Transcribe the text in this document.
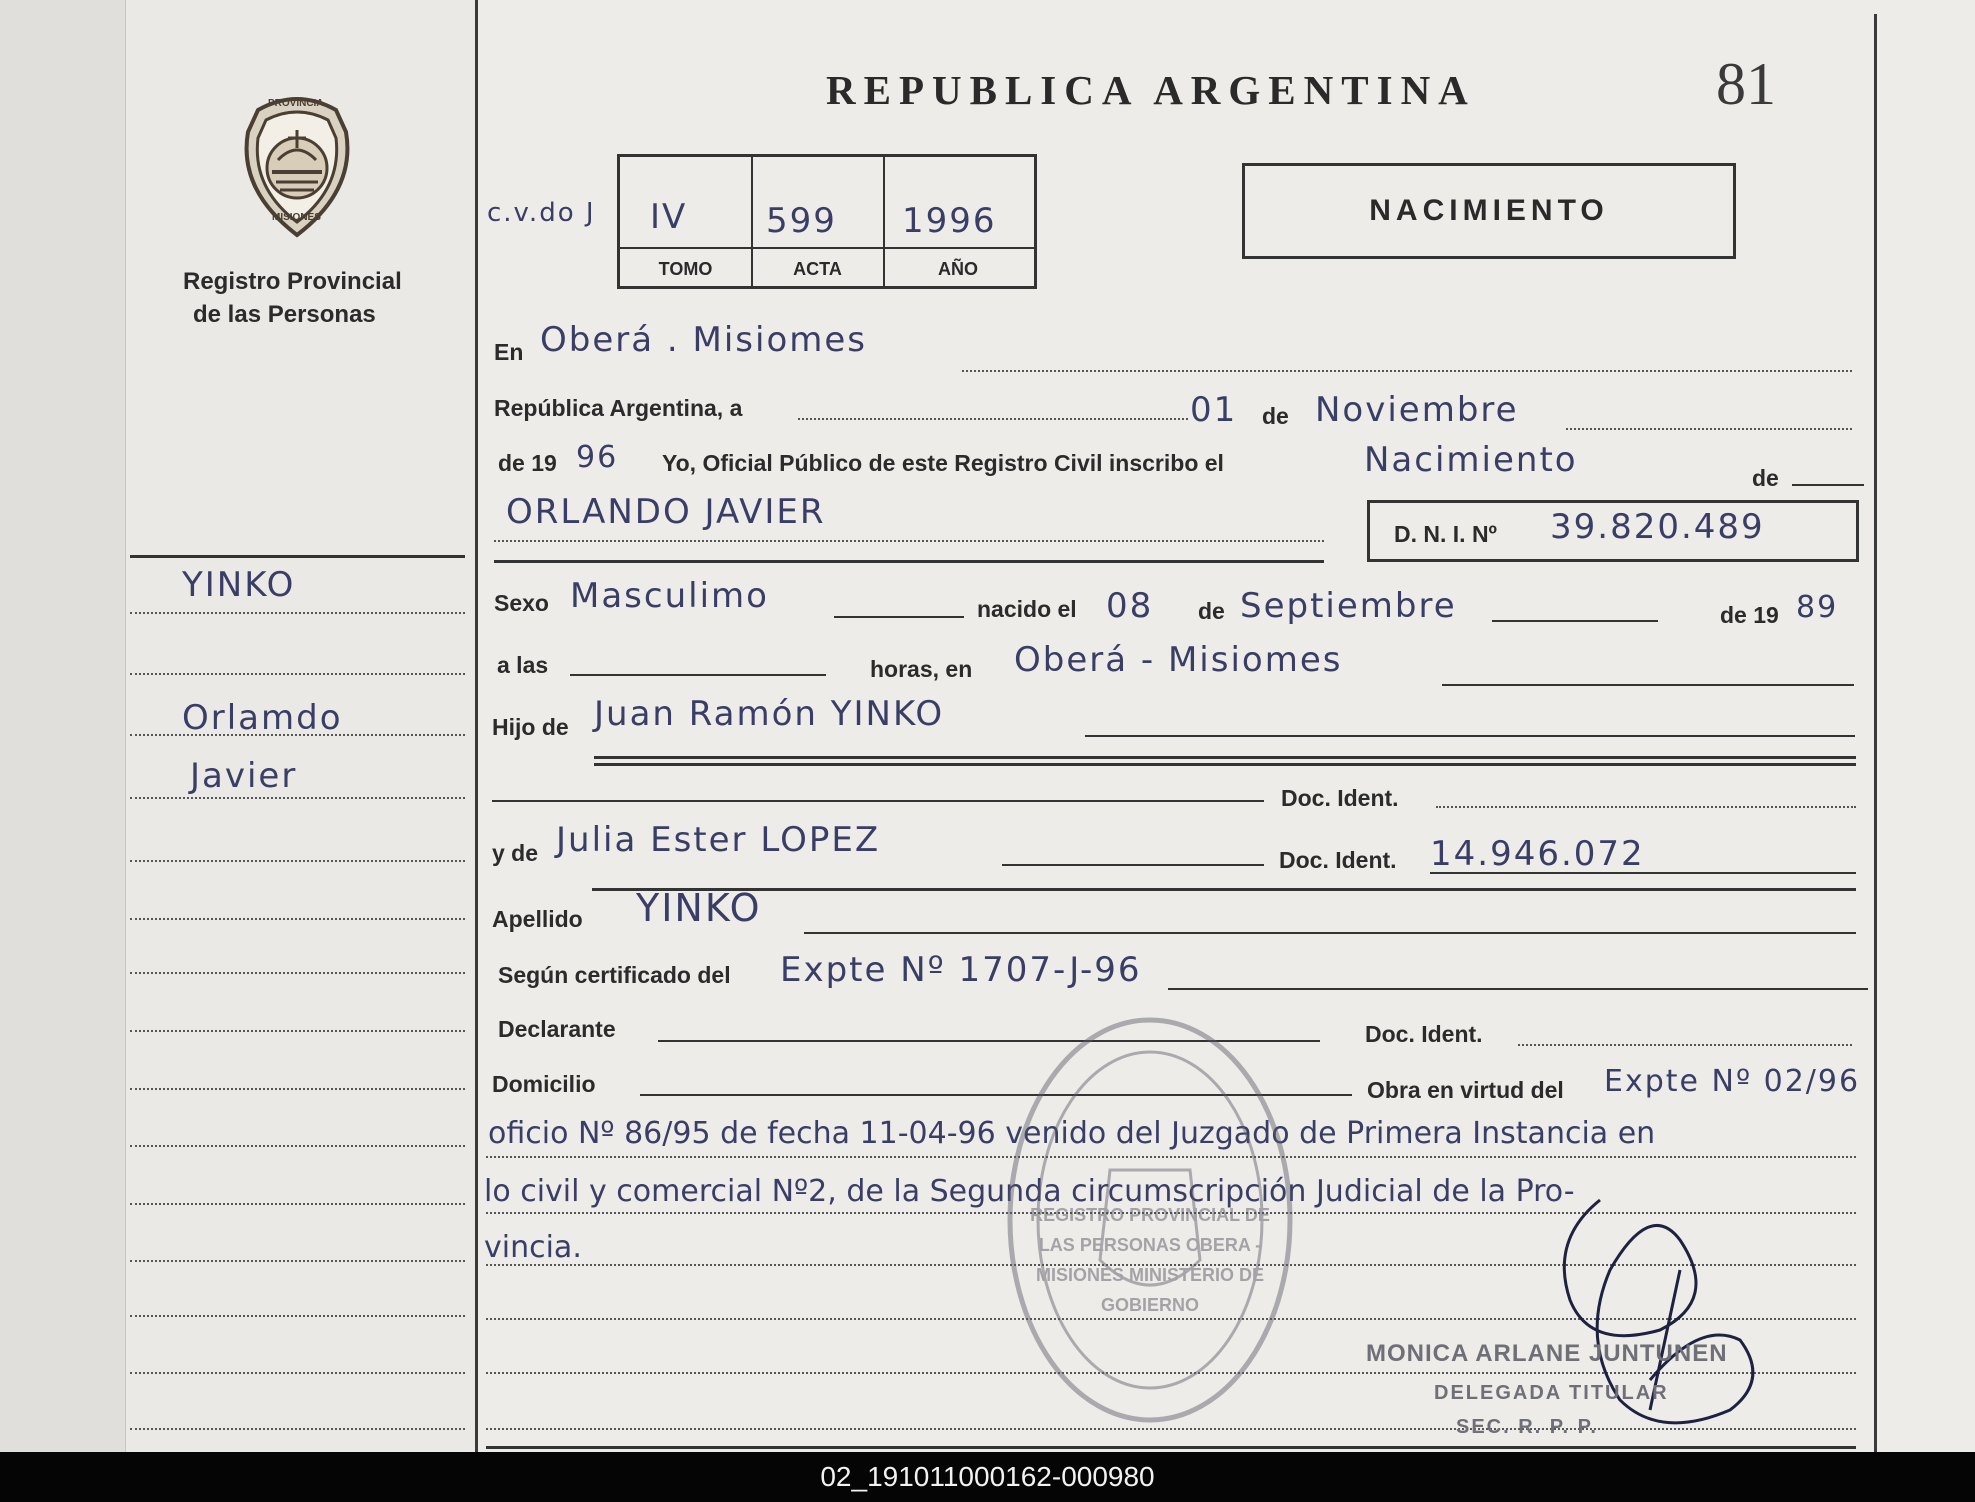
PROVINCIA
MISIONES
Registro Provincial
de las Personas
REPUBLICA ARGENTINA	81
NACIMIENTO
c.v.do J IV
TOMO
599
ACTA
1996
AÑO
En Oberá . Misiomes
República Argentina, a	01 de Noviembre
de 19 96 Yo, Oficial Público de este Registro Civil inscribo el	Nacimiento	de
ORLANDO JAVIER
D. N. I. Nº 39.820.489
YINKO
Orlamdo
Javier
Sexo Masculimo	nacido el 08 de Septiembre	de 19 89
a las	horas, en Oberá - Misiomes
Hijo de Juan Ramón YINKO
Doc. Ident.
y de Julia Ester LOPEZ	Doc. Ident. 14.946.072
Apellido YINKO
Según certificado del Expte Nº 1707-J-96
Declarante	Doc. Ident.
Domicilio	Obra en virtud del Expte Nº 02/96
oficio Nº 86/95 de fecha 11-04-96 venido del Juzgado de Primera Instancia en
lo civil y comercial Nº2, de la Segunda circumscripción Judicial de la Pro-
vincia.
REGISTRO PROVINCIAL DE LAS PERSONAS OBERA - MISIONES MINISTERIO DE GOBIERNO
MONICA ARLANE JUNTUNEN
DELEGADA TITULAR
SEC. R. P. P.
02_191011000162-000980
